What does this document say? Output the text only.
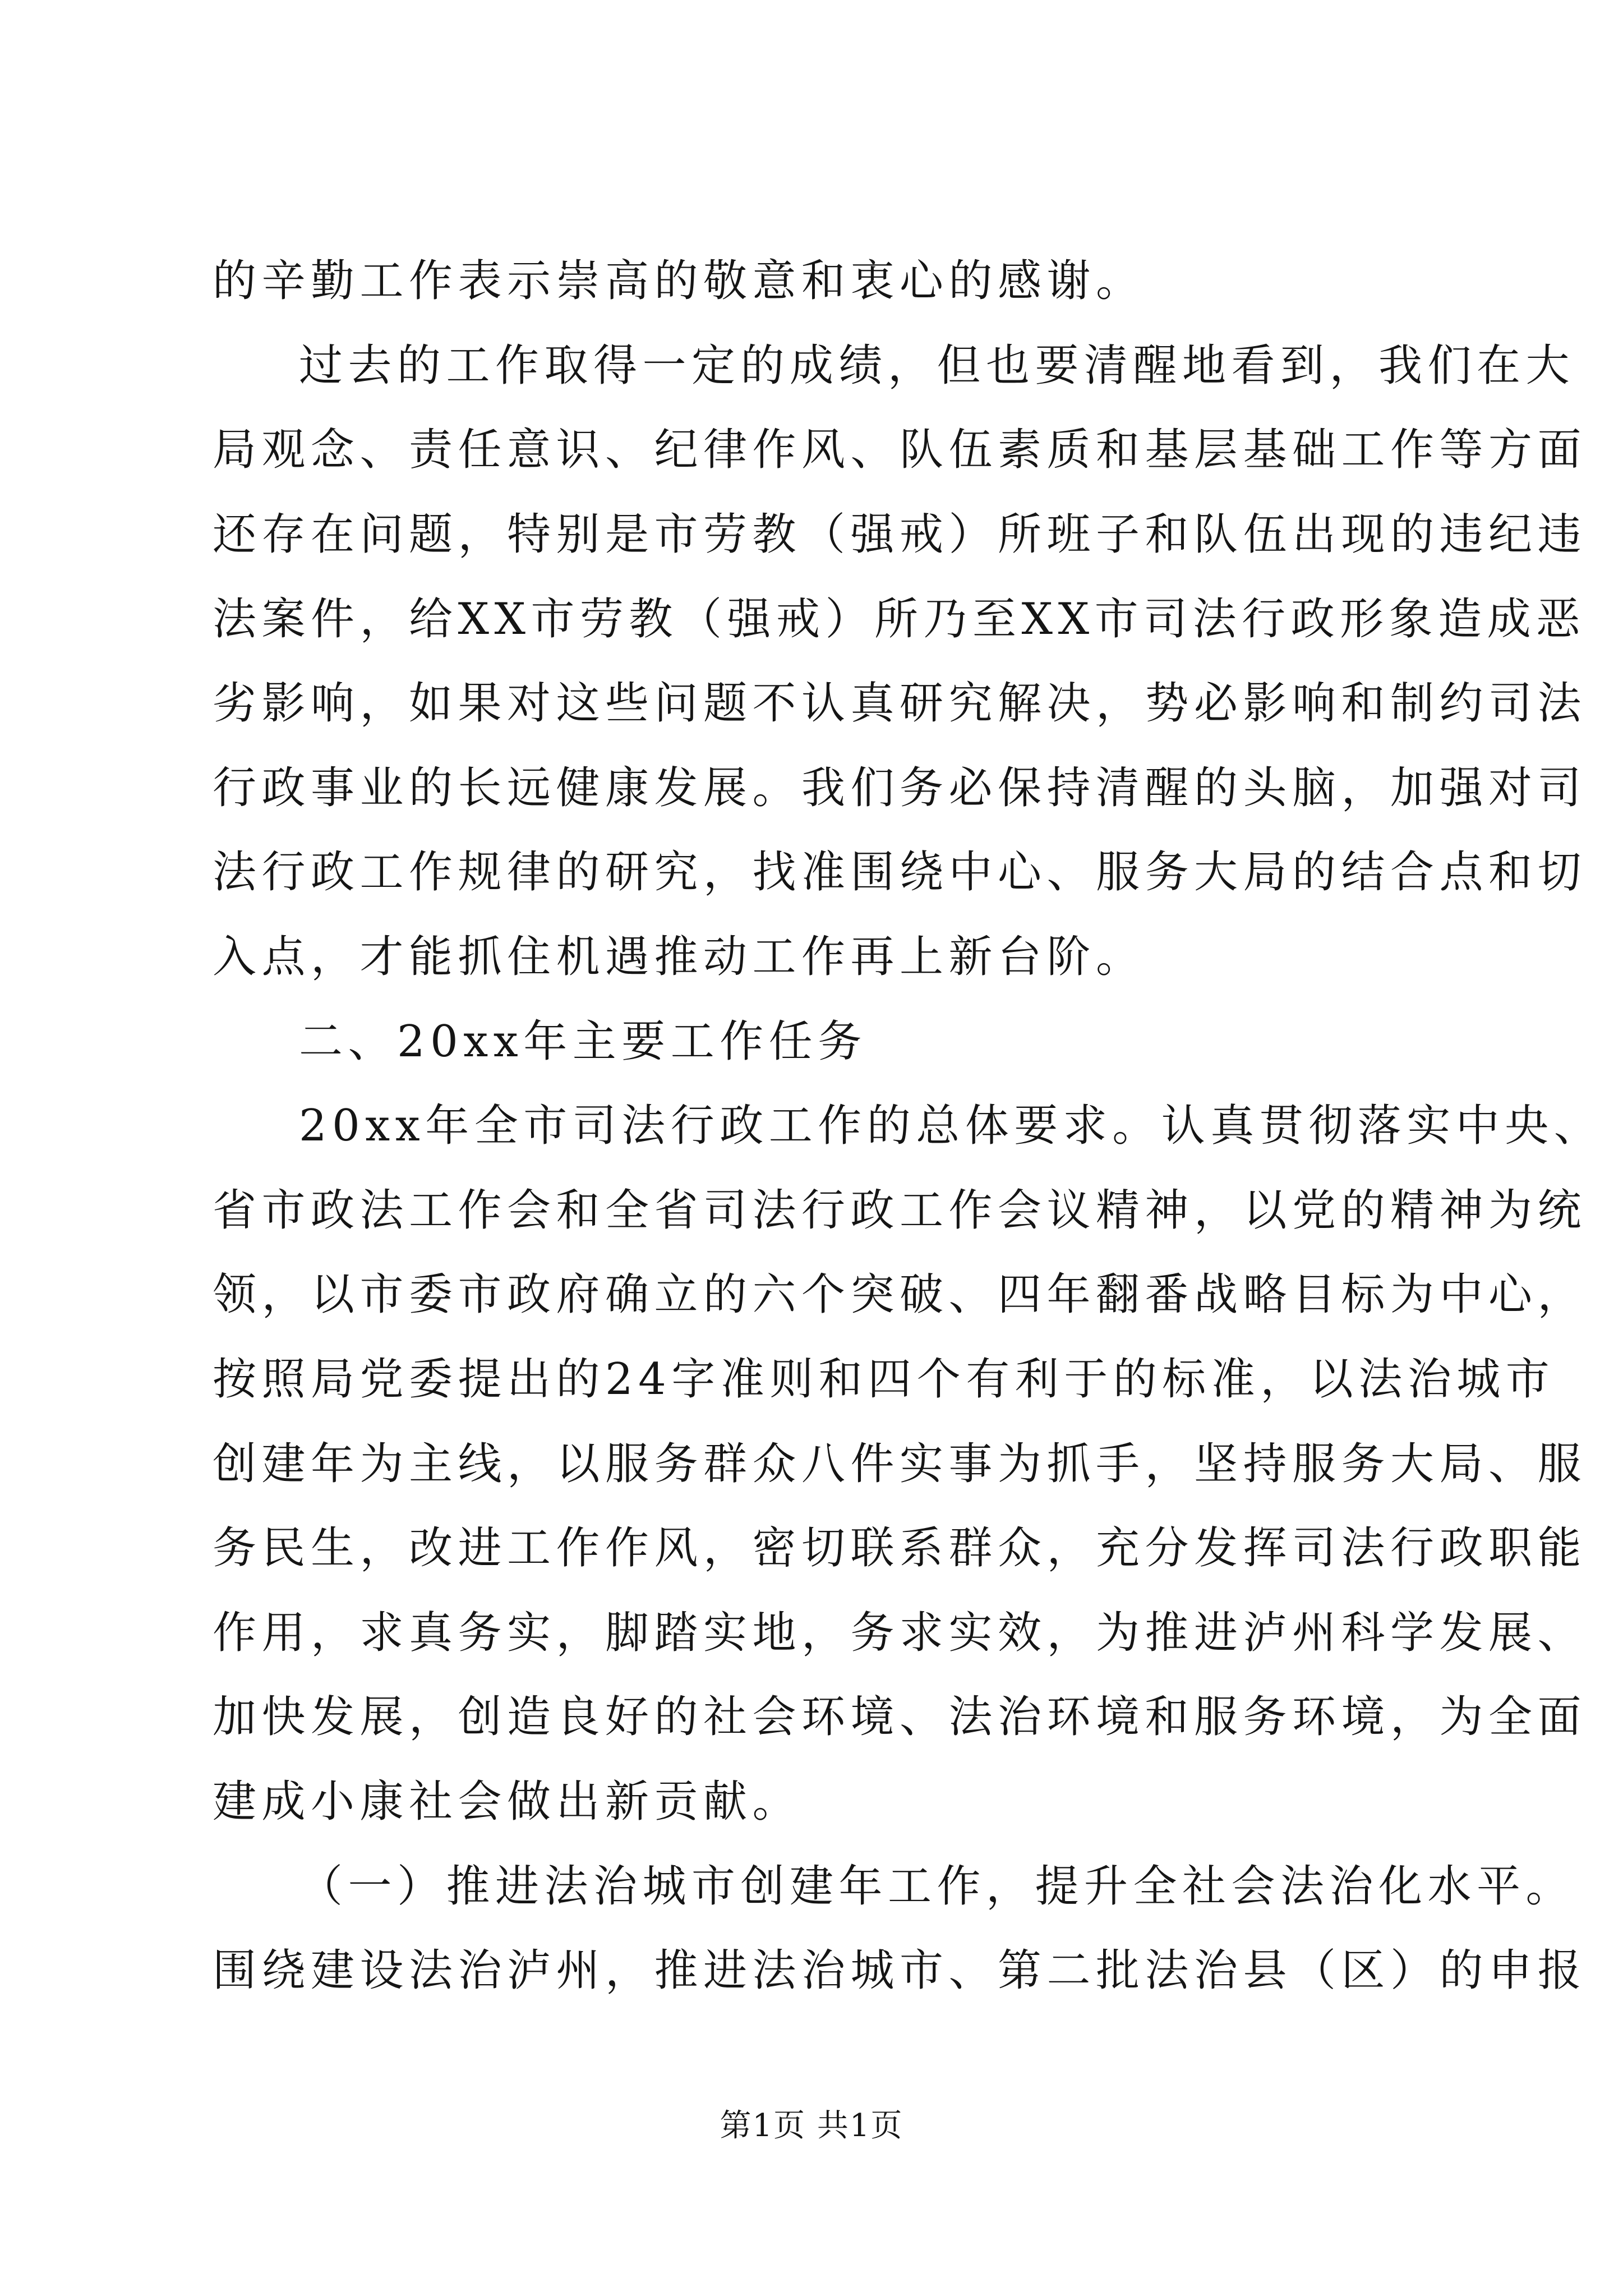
的辛勤工作表示崇高的敬意和衷心的感谢。
过去的工作取得一定的成绩，但也要清醒地看到，我们在大
局观念、责任意识、纪律作风、队伍素质和基层基础工作等方面
还存在问题，特别是市劳教（强戒）所班子和队伍出现的违纪违
法案件，给XX市劳教（强戒）所乃至XX市司法行政形象造成恶
劣影响，如果对这些问题不认真研究解决，势必影响和制约司法
行政事业的长远健康发展。我们务必保持清醒的头脑，加强对司
法行政工作规律的研究，找准围绕中心、服务大局的结合点和切
入点，才能抓住机遇推动工作再上新台阶。
二、20xx年主要工作任务
20xx年全市司法行政工作的总体要求。认真贯彻落实中央、
省市政法工作会和全省司法行政工作会议精神，以党的精神为统
领，以市委市政府确立的六个突破、四年翻番战略目标为中心，
按照局党委提出的24字准则和四个有利于的标准，以法治城市
创建年为主线，以服务群众八件实事为抓手，坚持服务大局、服
务民生，改进工作作风，密切联系群众，充分发挥司法行政职能
作用，求真务实，脚踏实地，务求实效，为推进泸州科学发展、
加快发展，创造良好的社会环境、法治环境和服务环境，为全面
建成小康社会做出新贡献。
（一）推进法治城市创建年工作，提升全社会法治化水平。
围绕建设法治泸州，推进法治城市、第二批法治县（区）的申报
第1页 共1页
